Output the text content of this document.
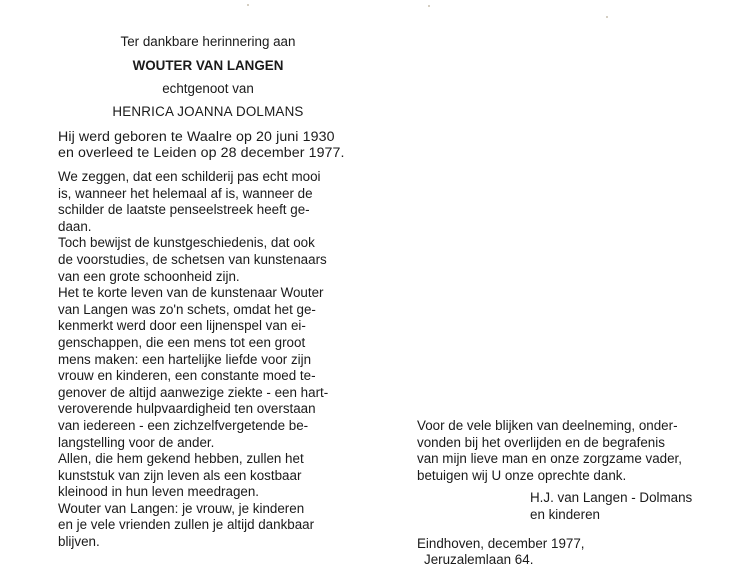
Ter dankbare herinnering aan
WOUTER VAN LANGEN
echtgenoot van
HENRICA JOANNA DOLMANS
Hij werd geboren te Waalre op 20 juni 1930
en overleed te Leiden op 28 december 1977.

We zeggen, dat een schilderij pas echt mooi
is, wanneer het helemaal af is, wanneer de
schilder de laatste penseelstreek heeft ge-
daan.

Toch bewijst de kunstgeschiedenis, dat ook
de voorstudies, de schetsen van kunstenaars
van een grote schoonheid zijn.

Het te korte leven van de kunstenaar Wouter
van Langen was zo'n schets, omdat het ge-
kenmerkt werd door een lijnenspel van ei-
genschappen, die een mens tot een groot
mens maken: een hartelijke liefde voor zijn
vrouw en kinderen, een constante moed te-
genover de altijd aanwezige ziekte - een hart-
veroverende hulpvaardigheid ten overstaan
van iedereen - een zichzelfvergetende be-
langstelling voor de ander.

Allen, die hem gekend hebben, zullen het
kunststuk van zijn leven als een kostbaar
kleinood in hun leven meedragen.

Wouter van Langen: je vrouw, je kinderen
en je vele vrienden zullen je altijd dankbaar
blijven.

Voor de vele blijken van deelneming, onder-
vonden bij het overlijden en de begrafenis
van mijn lieve man en onze zorgzame vader,
betuigen wij U onze oprechte dank.

H.J. van Langen - Dolmans

en kinderen

Eindhoven, december 1977,

Jeruzalemlaan 64.
